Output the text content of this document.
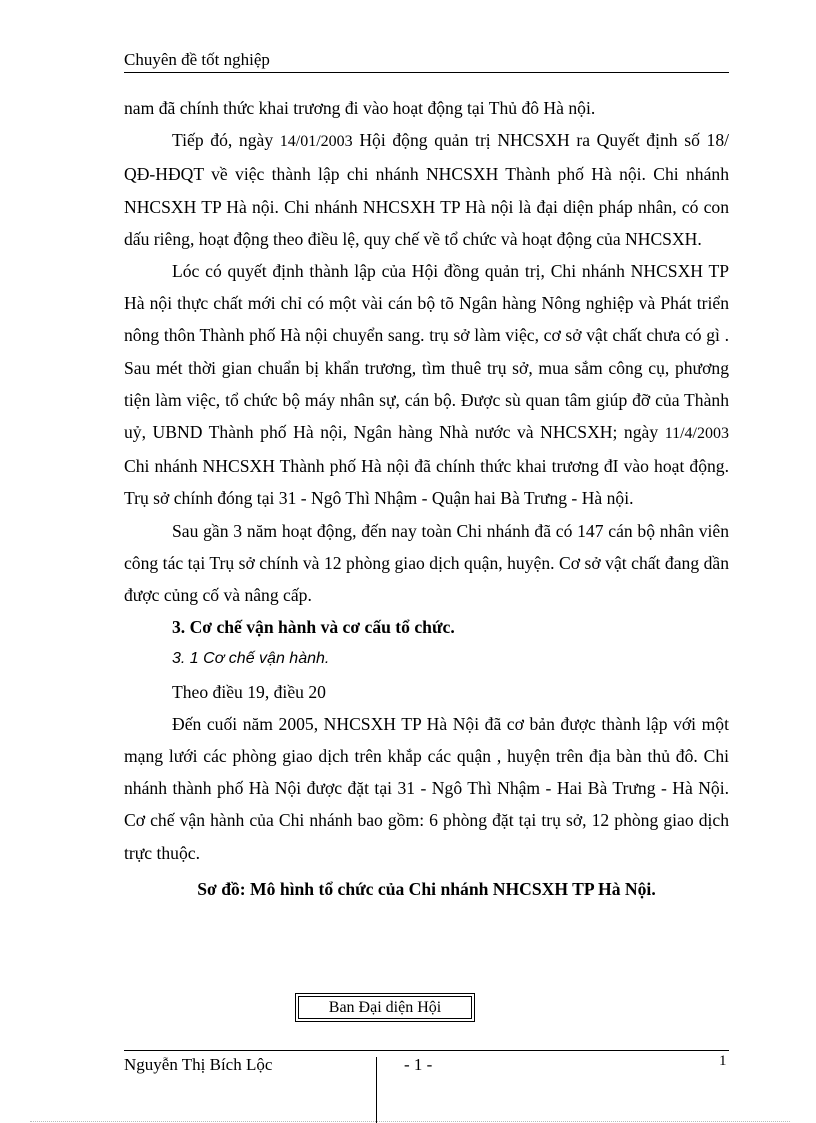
Chuyên đề tốt nghiệp

nam đã chính thức khai trương đi vào hoạt động tại Thủ đô Hà nội.

Tiếp đó, ngày 14/01/2003 Hội động quản trị NHCSXH ra Quyết định số 18/ QĐ-HĐQT về việc thành lập chi nhánh NHCSXH Thành phố Hà nội. Chi nhánh NHCSXH TP Hà nội. Chi nhánh NHCSXH TP Hà nội là đại diện pháp nhân, có con dấu riêng, hoạt động theo điều lệ, quy chế về tổ chức và hoạt động của NHCSXH.

Lóc có quyết định thành lập của Hội đồng quản trị, Chi nhánh NHCSXH TP Hà nội thực chất mới chỉ có một vài cán bộ tõ Ngân hàng Nông nghiệp và Phát triển nông thôn Thành phố Hà nội chuyển sang. trụ sở làm việc, cơ sở vật chất chưa có gì . Sau mét thời gian chuẩn bị khẩn trương, tìm thuê trụ sở, mua sắm công cụ, phương tiện làm việc, tổ chức bộ máy nhân sự, cán bộ. Được sù quan tâm giúp đỡ của Thành uỷ, UBND Thành phố Hà nội, Ngân hàng Nhà nước và NHCSXH; ngày 11/4/2003 Chi nhánh NHCSXH Thành phố Hà nội đã chính thức khai trương đI vào hoạt động. Trụ sở chính đóng tại 31 - Ngô Thì Nhậm - Quận hai Bà Trưng - Hà nội.

Sau gần 3 năm hoạt động, đến nay toàn Chi nhánh đã có 147 cán bộ nhân viên công tác tại Trụ sở chính và 12 phòng giao dịch quận, huyện. Cơ sở vật chất đang dần được củng cố và nâng cấp.

3. Cơ chế vận hành và cơ cấu tổ chức.

3. 1 Cơ chế vận hành.

Theo điều 19, điều 20

Đến cuối năm 2005, NHCSXH TP Hà Nội đã cơ bản được thành lập với một mạng lưới các phòng giao dịch trên khắp các quận , huyện trên địa bàn thủ đô. Chi nhánh thành phố Hà Nội được đặt tại 31 - Ngô Thì Nhậm - Hai Bà Trưng - Hà Nội. Cơ chế vận hành của Chi nhánh bao gồm: 6 phòng đặt tại trụ sở, 12 phòng giao dịch trực thuộc.

Sơ đồ: Mô hình tổ chức của Chi nhánh NHCSXH TP Hà Nội.

Ban Đại diện Hội
Nguyễn Thị Bích Lộc	- 1 -	1
